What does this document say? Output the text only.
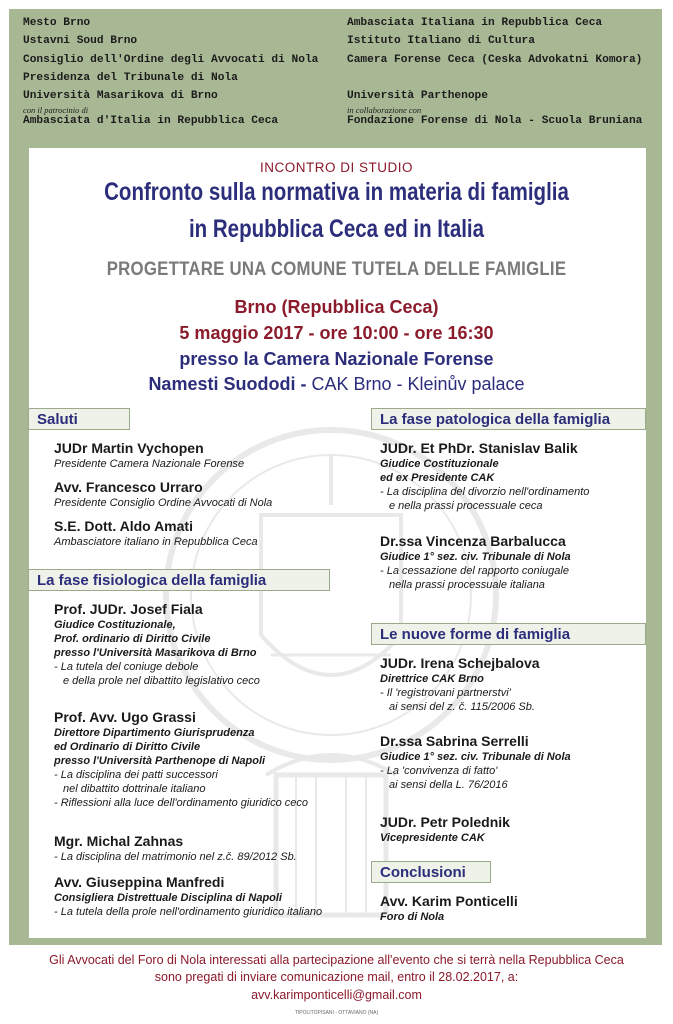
Mesto Brno
Ustavni Soud Brno
Consiglio dell'Ordine degli Avvocati di Nola
Presidenza del Tribunale di Nola
Università Masarikova di Brno
con il patrocinio di
Ambasciata d'Italia in Repubblica Ceca
Ambasciata Italiana in Repubblica Ceca
Istituto Italiano di Cultura
Camera Forense Ceca (Ceska Advokatni Komora)

Università Parthenope
in collaborazione con
Fondazione Forense di Nola - Scuola Bruniana
INCONTRO DI STUDIO
Confronto sulla normativa in materia di famiglia
in Repubblica Ceca ed in Italia
PROGETTARE UNA COMUNE TUTELA DELLE FAMIGLIE
Brno (Repubblica Ceca)
5 maggio 2017 - ore 10:00 - ore 16:30
presso la Camera Nazionale Forense
Namesti Suododi - CAK Brno - Kleinův palace
Saluti
JUDr Martin Vychopen
Presidente Camera Nazionale Forense
Avv. Francesco Urraro
Presidente Consiglio Ordine Avvocati di Nola
S.E. Dott. Aldo Amati
Ambasciatore italiano in Repubblica Ceca
La fase fisiologica della famiglia
Prof. JUDr. Josef Fiala
Giudice Costituzionale,
Prof. ordinario di Diritto Civile
presso l'Università Masarikova di Brno
- La tutela del coniuge debole
e della prole nel dibattito legislativo ceco
Prof. Avv. Ugo Grassi
Direttore Dipartimento Giurisprudenza
ed Ordinario di Diritto Civile
presso l'Università Parthenope di Napoli
- La disciplina dei patti successori
nel dibattito dottrinale italiano
- Riflessioni alla luce dell'ordinamento giuridico ceco
Mgr. Michal Zahnas
- La disciplina del matrimonio nel z.č. 89/2012 Sb.
Avv. Giuseppina Manfredi
Consigliera Distrettuale Disciplina di Napoli
- La tutela della prole nell'ordinamento giuridico italiano
La fase patologica della famiglia
JUDr. Et PhDr. Stanislav Balik
Giudice Costituzionale
ed ex Presidente CAK
- La disciplina del divorzio nell'ordinamento
e nella prassi processuale ceca
Dr.ssa Vincenza Barbalucca
Giudice 1° sez. civ. Tribunale di Nola
- La cessazione del rapporto coniugale
nella prassi processuale italiana
Le nuove forme di famiglia
JUDr. Irena Schejbalova
Direttrice CAK Brno
- Il 'registrovani partnerstvi'
ai sensi del z. č. 115/2006 Sb.
Dr.ssa Sabrina Serrelli
Giudice 1° sez. civ. Tribunale di Nola
- La 'convivenza di fatto'
ai sensi della L. 76/2016
JUDr. Petr Polednik
Vicepresidente CAK
Conclusioni
Avv. Karim Ponticelli
Foro di Nola
Gli Avvocati del Foro di Nola interessati alla partecipazione all'evento che si terrà nella Repubblica Ceca
sono pregati di inviare comunicazione mail, entro il 28.02.2017, a:
avv.karimponticelli@gmail.com
TIPOLITOPISANI - OTTAVIANO (NA)
